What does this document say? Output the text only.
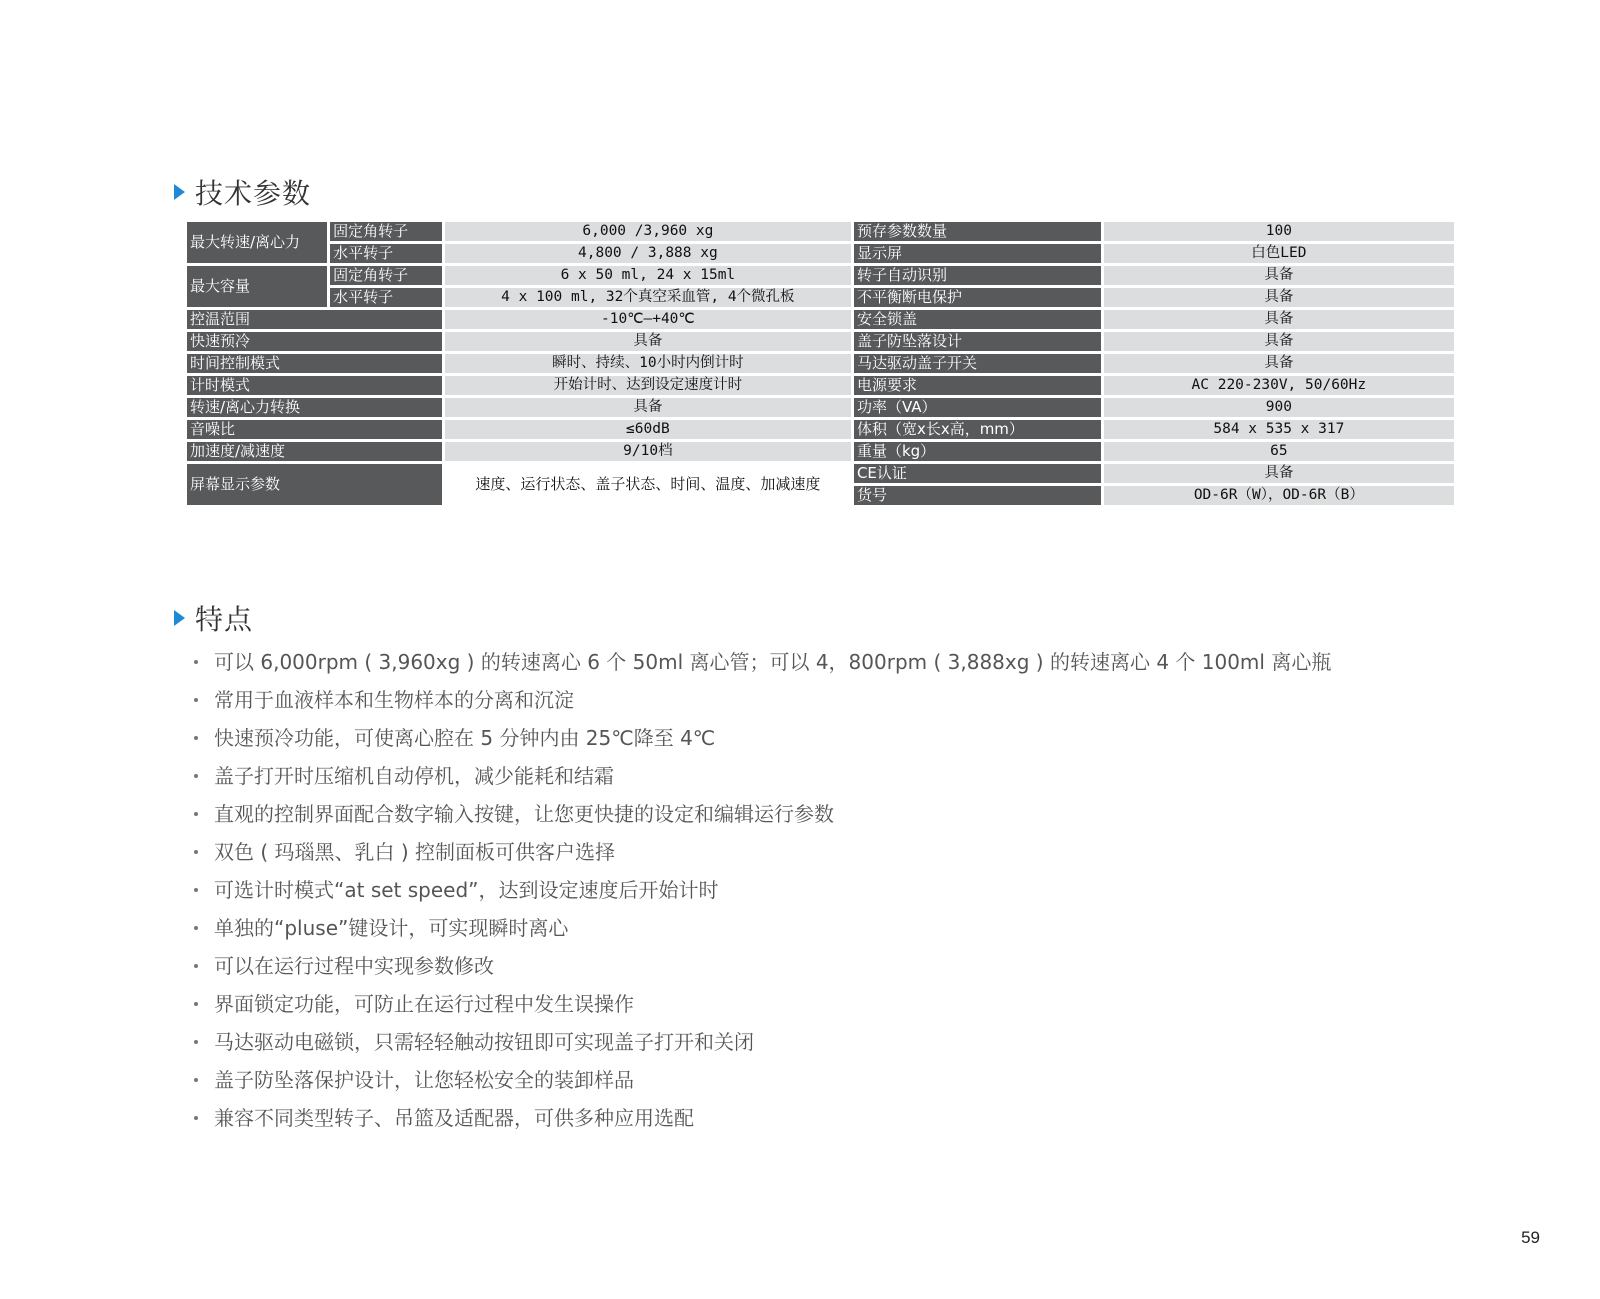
技术参数
最大转速/离心力	固定角转子	6,000 /3,960 xg	预存参数数量	100
	水平转子	4,800 / 3,888 xg	显示屏	白色LED
最大容量	固定角转子	6 x 50 ml, 24 x 15ml	转子自动识别	具备
	水平转子	4 x 100 ml, 32个真空采血管, 4个微孔板	不平衡断电保护	具备
控温范围		-10℃—+40℃	安全锁盖	具备
快速预冷		具备	盖子防坠落设计	具备
时间控制模式		瞬时、持续、10小时内倒计时	马达驱动盖子开关	具备
计时模式		开始计时、达到设定速度计时	电源要求	AC 220-230V, 50/60Hz
转速/离心力转换		具备	功率（VA）	900
音噪比		≤60dB	体积（宽x长x高，mm）	584 x 535 x 317
加速度/减速度		9/10档	重量（kg）	65
屏幕显示参数		速度、运行状态、盖子状态、时间、温度、加减速度	CE认证	具备
			货号	OD-6R（W），OD-6R（B）
特点
可以 6,000rpm ( 3,960xg ) 的转速离心 6 个 50ml 离心管；可以 4，800rpm ( 3,888xg ) 的转速离心 4 个 100ml 离心瓶
常用于血液样本和生物样本的分离和沉淀
快速预冷功能，可使离心腔在 5 分钟内由 25℃降至 4℃
盖子打开时压缩机自动停机，减少能耗和结霜
直观的控制界面配合数字输入按键，让您更快捷的设定和编辑运行参数
双色 ( 玛瑙黑、乳白 ) 控制面板可供客户选择
可选计时模式“at set speed”，达到设定速度后开始计时
单独的“pluse”键设计，可实现瞬时离心
可以在运行过程中实现参数修改
界面锁定功能，可防止在运行过程中发生误操作
马达驱动电磁锁，只需轻轻触动按钮即可实现盖子打开和关闭
盖子防坠落保护设计，让您轻松安全的装卸样品
兼容不同类型转子、吊篮及适配器，可供多种应用选配
59
